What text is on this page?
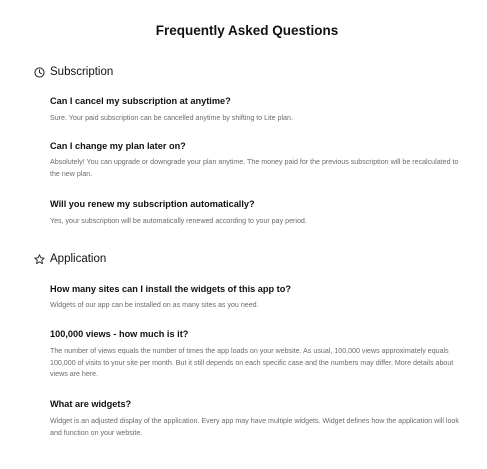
Frequently Asked Questions
Subscription
Can I cancel my subscription at anytime?
Sure. Your paid subscription can be cancelled anytime by shifting to Lite plan.
Can I change my plan later on?
Absolutely! You can upgrade or downgrade your plan anytime. The money paid for the previous subscription will be recalculated to the new plan.
Will you renew my subscription automatically?
Yes, your subscription will be automatically renewed according to your pay period.
Application
How many sites can I install the widgets of this app to?
Widgets of our app can be installed on as many sites as you need.
100,000 views - how much is it?
The number of views equals the number of times the app loads on your website. As usual, 100,000 views approximately equals 100,000 of visits to your site per month. But it still depends on each specific case and the numbers may differ. More details about views are here.
What are widgets?
Widget is an adjusted display of the application. Every app may have multiple widgets. Widget defines how the application will look and function on your website.
